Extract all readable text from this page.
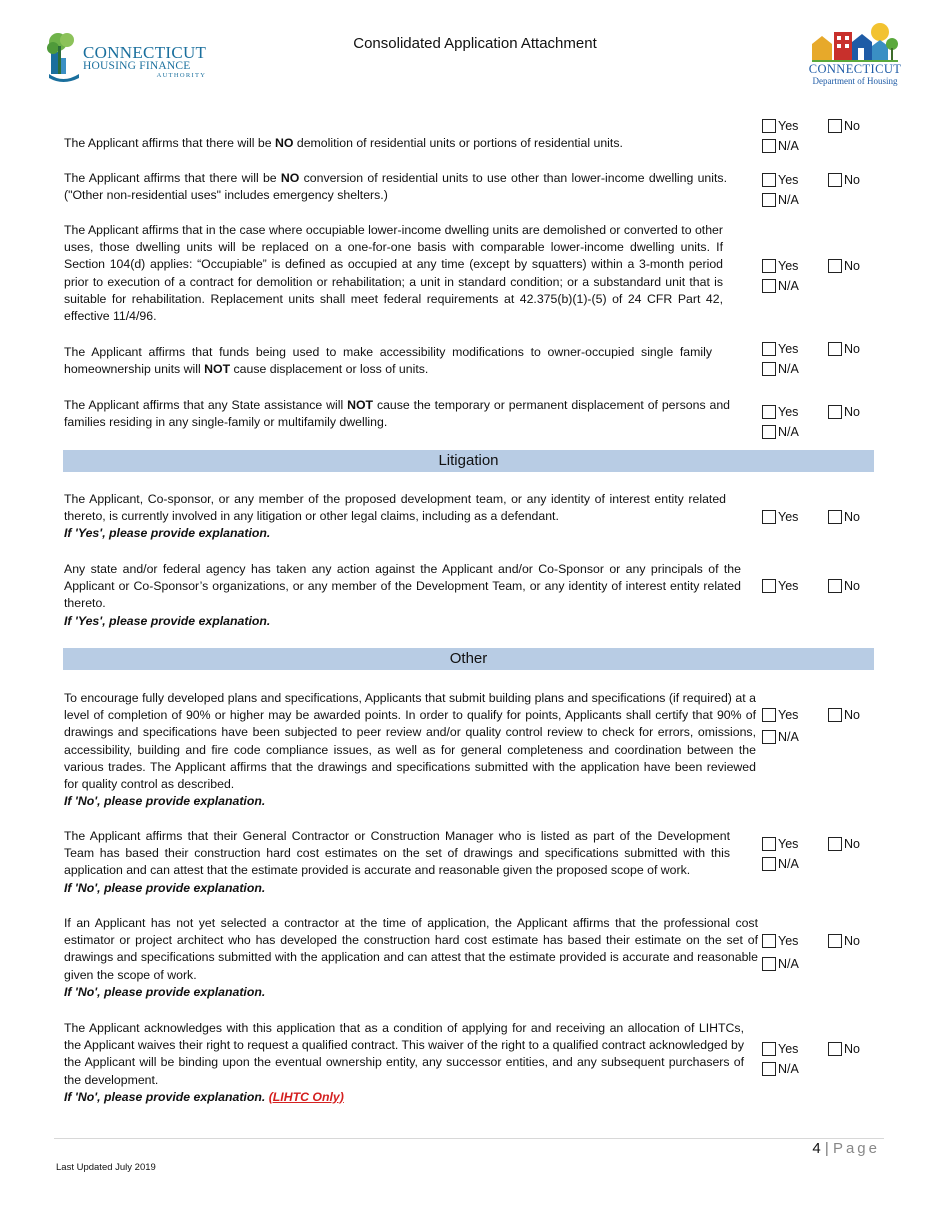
CONNECTICUT
HOUSING FINANCE
AUTHORITY
Consolidated Application Attachment
CONNECTICUT
Department of Housing
The Applicant affirms that there will be NO demolition of residential units or portions of residential units.
Yes	No
N/A
The Applicant affirms that there will be NO conversion of residential units to use other than lower-income dwelling units. ("Other non-residential uses" includes emergency shelters.)
Yes	No
N/A
The Applicant affirms that in the case where occupiable lower-income dwelling units are demolished or converted to other uses, those dwelling units will be replaced on a one-for-one basis with comparable lower-income dwelling units. If Section 104(d) applies: “Occupiable” is defined as occupied at any time (except by squatters) within a 3-month period prior to execution of a contract for demolition or rehabilitation; a unit in standard condition; or a substandard unit that is suitable for rehabilitation. Replacement units shall meet federal requirements at 42.375(b)(1)-(5) of 24 CFR Part 42, effective 11/4/96.
Yes	No
N/A
The Applicant affirms that funds being used to make accessibility modifications to owner-occupied single family homeownership units will NOT cause displacement or loss of units.
Yes	No
N/A
The Applicant affirms that any State assistance will NOT cause the temporary or permanent displacement of persons and families residing in any single-family or multifamily dwelling.
Yes	No
N/A
Litigation
The Applicant, Co-sponsor, or any member of the proposed development team, or any identity of interest entity related thereto, is currently involved in any litigation or other legal claims, including as a defendant.
If 'Yes', please provide explanation.
Yes	No
Any state and/or federal agency has taken any action against the Applicant and/or Co-Sponsor or any principals of the Applicant or Co-Sponsor’s organizations, or any member of the Development Team, or any identity of interest entity related thereto.
If 'Yes', please provide explanation.
Yes	No
Other
To encourage fully developed plans and specifications, Applicants that submit building plans and specifications (if required) at a level of completion of 90% or higher may be awarded points. In order to qualify for points, Applicants shall certify that 90% of drawings and specifications have been subjected to peer review and/or quality control review to check for errors, omissions, accessibility, building and fire code compliance issues, as well as for general completeness and coordination between the various trades. The Applicant affirms that the drawings and specifications submitted with the application have been reviewed for quality control as described.
If 'No', please provide explanation.
Yes	No
N/A
The Applicant affirms that their General Contractor or Construction Manager who is listed as part of the Development Team has based their construction hard cost estimates on the set of drawings and specifications submitted with this application and can attest that the estimate provided is accurate and reasonable given the proposed scope of work.
If 'No', please provide explanation.
Yes	No
N/A
If an Applicant has not yet selected a contractor at the time of application, the Applicant affirms that the professional cost estimator or project architect who has developed the construction hard cost estimate has based their estimate on the set of drawings and specifications submitted with the application and can attest that the estimate provided is accurate and reasonable given the scope of work.
If 'No', please provide explanation.
Yes	No
N/A
The Applicant acknowledges with this application that as a condition of applying for and receiving an allocation of LIHTCs, the Applicant waives their right to request a qualified contract. This waiver of the right to a qualified contract acknowledged by the Applicant will be binding upon the eventual ownership entity, any successor entities, and any subsequent purchasers of the development.
If 'No', please provide explanation. (LIHTC Only)
Yes	No
N/A
4 | Page
Last Updated July 2019
